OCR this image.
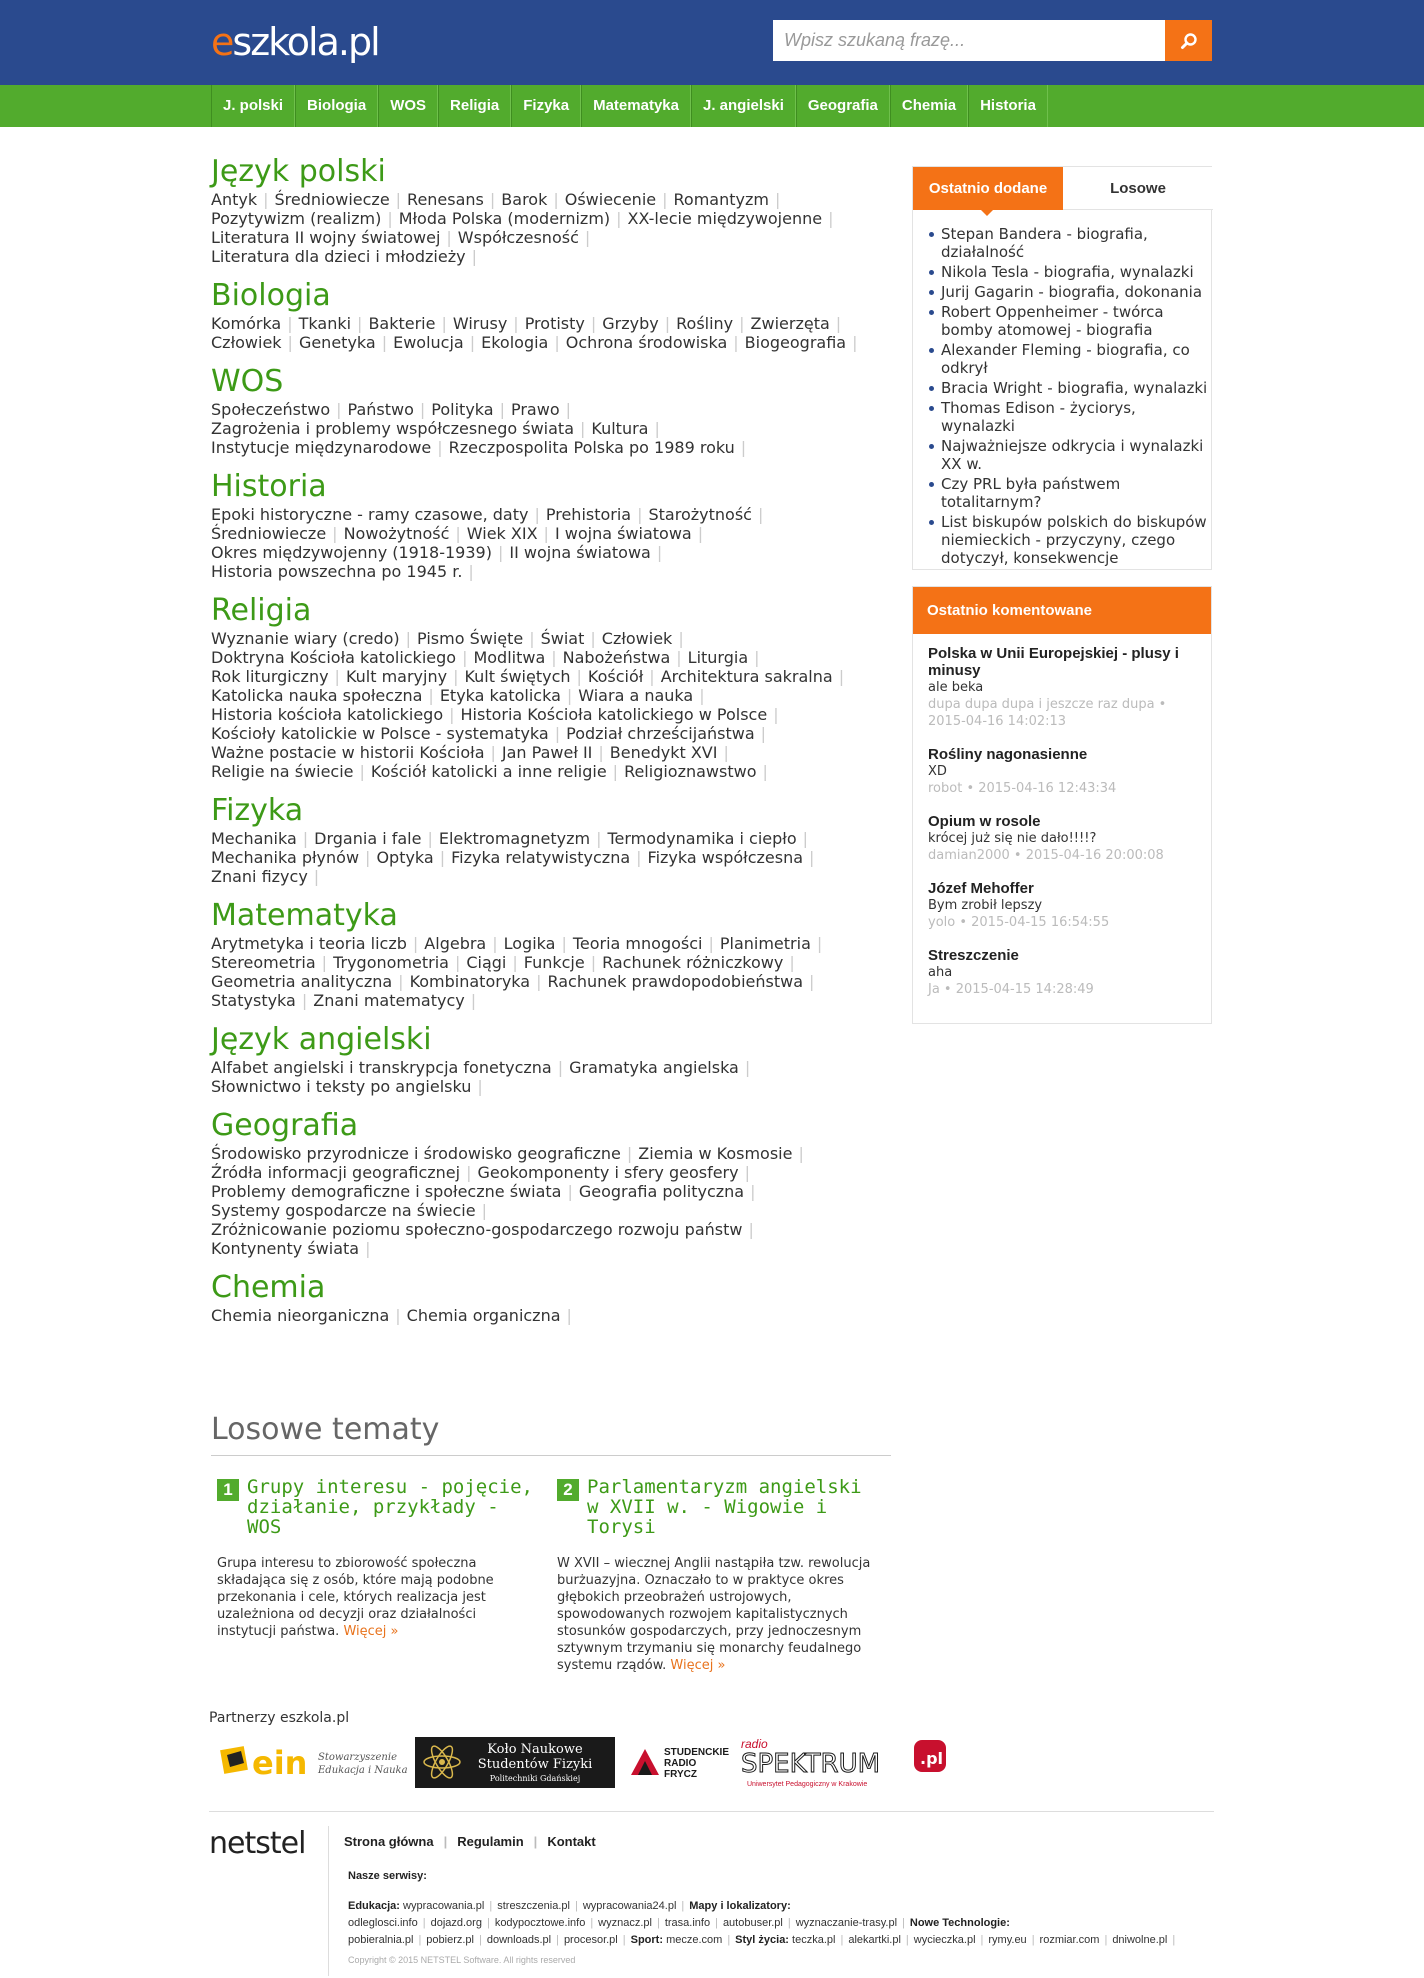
eszkola.pl
Wpisz szukaną frazę...
J. polski	Biologia	WOS	Religia	Fizyka	Matematyka	J. angielski	Geografia	Chemia	Historia
Język polski
Antyk | Średniowiecze | Renesans | Barok | Oświecenie | Romantyzm |
Pozytywizm (realizm) | Młoda Polska (modernizm) | XX-lecie międzywojenne |
Literatura II wojny światowej | Współczesność |
Literatura dla dzieci i młodzieży |
Biologia
Komórka | Tkanki | Bakterie | Wirusy | Protisty | Grzyby | Rośliny | Zwierzęta |
Człowiek | Genetyka | Ewolucja | Ekologia | Ochrona środowiska | Biogeografia |
WOS
Społeczeństwo | Państwo | Polityka | Prawo |
Zagrożenia i problemy współczesnego świata | Kultura |
Instytucje międzynarodowe | Rzeczpospolita Polska po 1989 roku |
Historia
Epoki historyczne - ramy czasowe, daty | Prehistoria | Starożytność |
Średniowiecze | Nowożytność | Wiek XIX | I wojna światowa |
Okres międzywojenny (1918-1939) | II wojna światowa |
Historia powszechna po 1945 r. |
Religia
Wyznanie wiary (credo) | Pismo Święte | Świat | Człowiek |
Doktryna Kościoła katolickiego | Modlitwa | Nabożeństwa | Liturgia |
Rok liturgiczny | Kult maryjny | Kult świętych | Kościół | Architektura sakralna |
Katolicka nauka społeczna | Etyka katolicka | Wiara a nauka |
Historia kościoła katolickiego | Historia Kościoła katolickiego w Polsce |
Kościoły katolickie w Polsce - systematyka | Podział chrześcijaństwa |
Ważne postacie w historii Kościoła | Jan Paweł II | Benedykt XVI |
Religie na świecie | Kościół katolicki a inne religie | Religioznawstwo |
Fizyka
Mechanika | Drgania i fale | Elektromagnetyzm | Termodynamika i ciepło |
Mechanika płynów | Optyka | Fizyka relatywistyczna | Fizyka współczesna |
Znani fizycy |
Matematyka
Arytmetyka i teoria liczb | Algebra | Logika | Teoria mnogości | Planimetria |
Stereometria | Trygonometria | Ciągi | Funkcje | Rachunek różniczkowy |
Geometria analityczna | Kombinatoryka | Rachunek prawdopodobieństwa |
Statystyka | Znani matematycy |
Język angielski
Alfabet angielski i transkrypcja fonetyczna | Gramatyka angielska |
Słownictwo i teksty po angielsku |
Geografia
Środowisko przyrodnicze i środowisko geograficzne | Ziemia w Kosmosie |
Źródła informacji geograficznej | Geokomponenty i sfery geosfery |
Problemy demograficzne i społeczne świata | Geografia polityczna |
Systemy gospodarcze na świecie |
Zróżnicowanie poziomu społeczno-gospodarczego rozwoju państw |
Kontynenty świata |
Chemia
Chemia nieorganiczna | Chemia organiczna |
Losowe tematy
1 Grupy interesu - pojęcie, działanie, przykłady - WOS
Grupa interesu to zbiorowość społeczna składająca się z osób, które mają podobne przekonania i cele, których realizacja jest uzależniona od decyzji oraz działalności instytucji państwa. Więcej »
2 Parlamentaryzm angielski w XVII w. - Wigowie i Torysi
W XVII – wiecznej Anglii nastąpiła tzw. rewolucja burżuazyjna. Oznaczało to w praktyce okres głębokich przeobrażeń ustrojowych, spowodowanych rozwojem kapitalistycznych stosunków gospodarczych, przy jednoczesnym sztywnym trzymaniu się monarchy feudalnego systemu rządów. Więcej »
Ostatnio dodane	Losowe
Stepan Bandera - biografia, działalność
Nikola Tesla - biografia, wynalazki
Jurij Gagarin - biografia, dokonania
Robert Oppenheimer - twórca bomby atomowej - biografia
Alexander Fleming - biografia, co odkrył
Bracia Wright - biografia, wynalazki
Thomas Edison - życiorys, wynalazki
Najważniejsze odkrycia i wynalazki XX w.
Czy PRL była państwem totalitarnym?
List biskupów polskich do biskupów niemieckich - przyczyny, czego dotyczył, konsekwencje
Ostatnio komentowane
Polska w Unii Europejskiej - plusy i minusy
ale beka
dupa dupa dupa i jeszcze raz dupa • 2015-04-16 14:02:13
Rośliny nagonasienne
XD
robot • 2015-04-16 12:43:34
Opium w rosole
krócej już się nie dało!!!!?
damian2000 • 2015-04-16 20:00:08
Józef Mehoffer
Bym zrobił lepszy
yolo • 2015-04-15 16:54:55
Streszczenie
aha
Ja • 2015-04-15 14:28:49
Partnerzy eszkola.pl
ein Stowarzyszenie
Edukacja i Nauka
Koło Naukowe
Studentów Fizyki
Politechniki Gdańskiej
STUDENCKIE
RADIO
FRYCZ
radio
SPEKTRUM .pl
Uniwersytet Pedagogiczny w Krakowie
netstel	Strona główna | Regulamin | Kontakt
Nasze serwisy:
Edukacja: wypracowania.pl | streszczenia.pl | wypracowania24.pl | Mapy i lokalizatory: odleglosci.info | dojazd.org | kodypocztowe.info | wyznacz.pl | trasa.info | autobuser.pl | wyznaczanie-trasy.pl | Nowe Technologie: pobieralnia.pl | pobierz.pl | downloads.pl | procesor.pl | Sport: mecze.com | Styl życia: teczka.pl | alekartki.pl | wycieczka.pl | rymy.eu | rozmiar.com | dniwolne.pl |
Copyright © 2015 NETSTEL Software. All rights reserved
